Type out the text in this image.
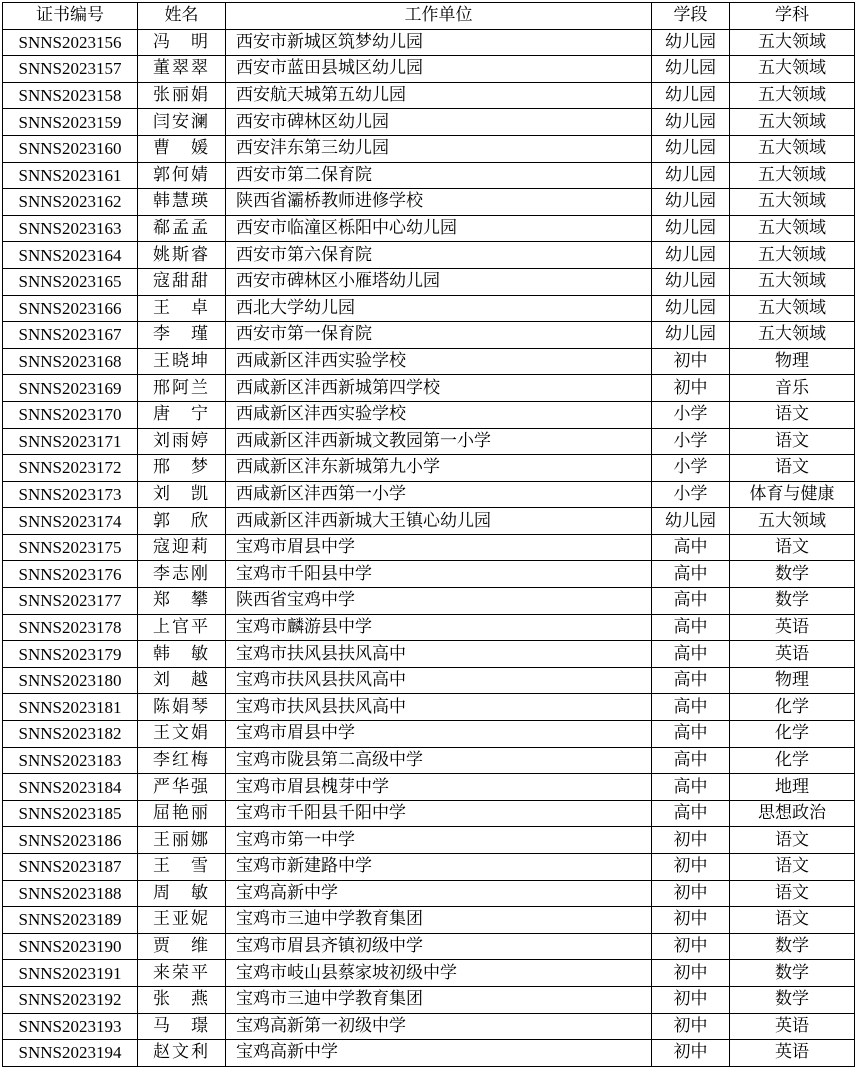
证书编号	姓名	工作单位	学段	学科
SNNS2023156	冯　明	西安市新城区筑梦幼儿园	幼儿园	五大领域
SNNS2023157	董翠翠	西安市蓝田县城区幼儿园	幼儿园	五大领域
SNNS2023158	张丽娟	西安航天城第五幼儿园	幼儿园	五大领域
SNNS2023159	闫安澜	西安市碑林区幼儿园	幼儿园	五大领域
SNNS2023160	曹　媛	西安沣东第三幼儿园	幼儿园	五大领域
SNNS2023161	郭何婧	西安市第二保育院	幼儿园	五大领域
SNNS2023162	韩慧瑛	陕西省灞桥教师进修学校	幼儿园	五大领域
SNNS2023163	郗孟孟	西安市临潼区栎阳中心幼儿园	幼儿园	五大领域
SNNS2023164	姚斯睿	西安市第六保育院	幼儿园	五大领域
SNNS2023165	寇甜甜	西安市碑林区小雁塔幼儿园	幼儿园	五大领域
SNNS2023166	王　卓	西北大学幼儿园	幼儿园	五大领域
SNNS2023167	李　瑾	西安市第一保育院	幼儿园	五大领域
SNNS2023168	王晓坤	西咸新区沣西实验学校	初中	物理
SNNS2023169	邢阿兰	西咸新区沣西新城第四学校	初中	音乐
SNNS2023170	唐　宁	西咸新区沣西实验学校	小学	语文
SNNS2023171	刘雨婷	西咸新区沣西新城文教园第一小学	小学	语文
SNNS2023172	邢　梦	西咸新区沣东新城第九小学	小学	语文
SNNS2023173	刘　凯	西咸新区沣西第一小学	小学	体育与健康
SNNS2023174	郭　欣	西咸新区沣西新城大王镇心幼儿园	幼儿园	五大领域
SNNS2023175	寇迎莉	宝鸡市眉县中学	高中	语文
SNNS2023176	李志刚	宝鸡市千阳县中学	高中	数学
SNNS2023177	郑　攀	陕西省宝鸡中学	高中	数学
SNNS2023178	上官平	宝鸡市麟游县中学	高中	英语
SNNS2023179	韩　敏	宝鸡市扶风县扶风高中	高中	英语
SNNS2023180	刘　越	宝鸡市扶风县扶风高中	高中	物理
SNNS2023181	陈娟琴	宝鸡市扶风县扶风高中	高中	化学
SNNS2023182	王文娟	宝鸡市眉县中学	高中	化学
SNNS2023183	李红梅	宝鸡市陇县第二高级中学	高中	化学
SNNS2023184	严华强	宝鸡市眉县槐芽中学	高中	地理
SNNS2023185	屈艳丽	宝鸡市千阳县千阳中学	高中	思想政治
SNNS2023186	王丽娜	宝鸡市第一中学	初中	语文
SNNS2023187	王　雪	宝鸡市新建路中学	初中	语文
SNNS2023188	周　敏	宝鸡高新中学	初中	语文
SNNS2023189	王亚妮	宝鸡市三迪中学教育集团	初中	语文
SNNS2023190	贾　维	宝鸡市眉县齐镇初级中学	初中	数学
SNNS2023191	来荣平	宝鸡市岐山县蔡家坡初级中学	初中	数学
SNNS2023192	张　燕	宝鸡市三迪中学教育集团	初中	数学
SNNS2023193	马　璟	宝鸡高新第一初级中学	初中	英语
SNNS2023194	赵文利	宝鸡高新中学	初中	英语
